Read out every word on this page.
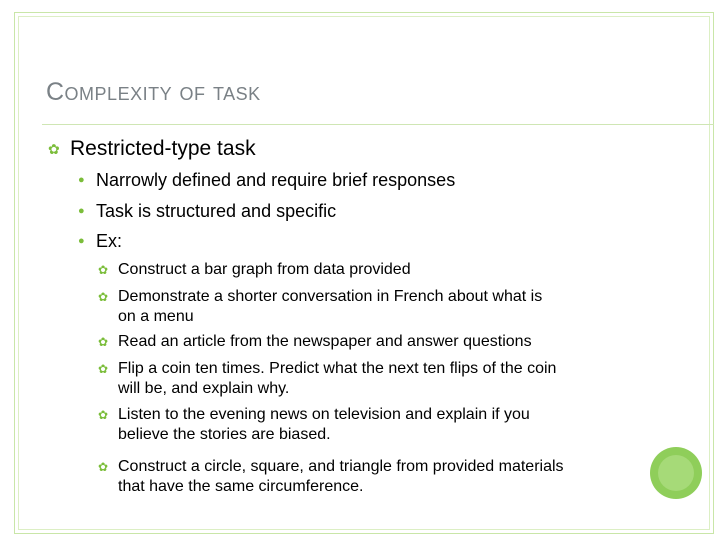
Complexity of task
✿ Restricted-type task
● Narrowly defined and require brief responses
● Task is structured and specific
● Ex:
✿ Construct a bar graph from data provided
✿ Demonstrate a shorter conversation in French about what is
on a menu
✿ Read an article from the newspaper and answer questions
✿ Flip a coin ten times. Predict what the next ten flips of the coin
will be, and explain why.
✿ Listen to the evening news on television and explain if you
believe the stories are biased.
✿ Construct a circle, square, and triangle from provided materials
that have the same circumference.
